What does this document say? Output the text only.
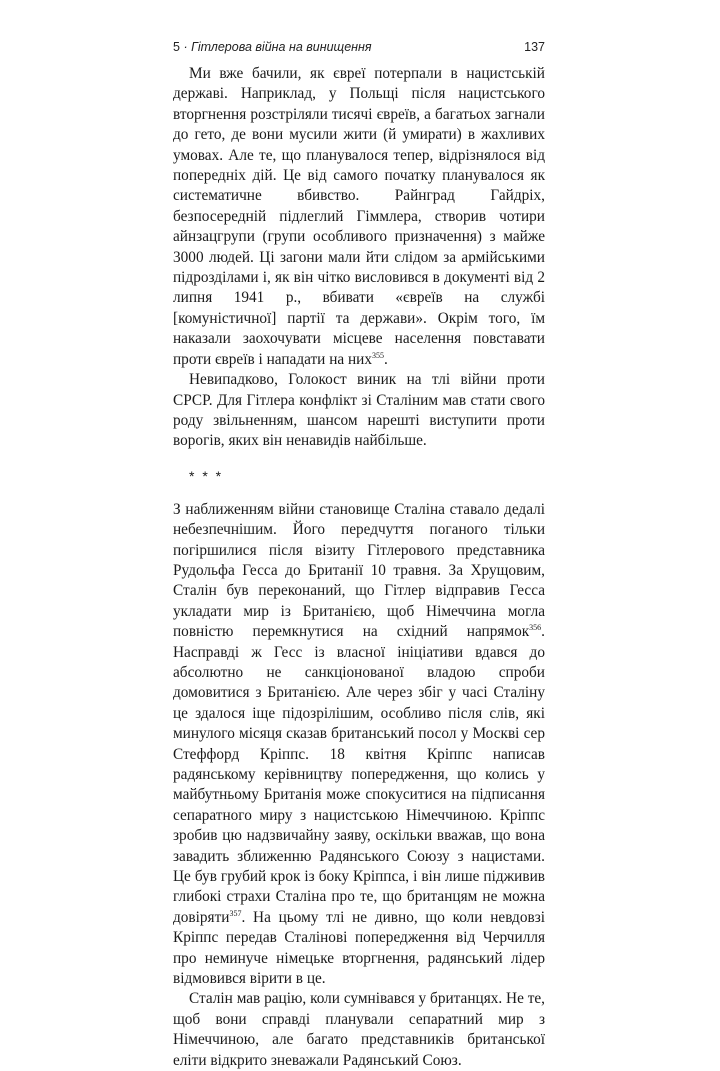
5 · Гітлерова війна на винищення	137

Ми вже бачили, як євреї потерпали в нацистській державі. Наприклад, у Польщі після нацистського вторгнення розстріляли тисячі євреїв, а багатьох загнали до гето, де вони мусили жити (й умирати) в жахливих умовах. Але те, що планувалося тепер, відрізнялося від попередніх дій. Це від самого початку планувалося як систематичне вбивство. Райнград Гайдріх, безпосередній підлеглий Гіммлера, створив чотири айнзацгрупи (групи особливого призначення) з майже 3000 людей. Ці загони мали йти слідом за армійськими підрозділами і, як він чітко висловився в документі від 2 липня 1941 р., вбивати «євреїв на службі [комуністичної] партії та держави». Окрім того, їм наказали заохочувати місцеве населення повставати проти євреїв і нападати на них$^{355}$.

Невипадково, Голокост виник на тлі війни проти СРСР. Для Гітлера конфлікт зі Сталіним мав стати свого роду звільненням, шансом нарешті виступити проти ворогів, яких він ненавидів найбільше.

* * *

З наближенням війни становище Сталіна ставало дедалі небезпечнішим. Його передчуття поганого тільки погіршилися після візиту Гітлерового представника Рудольфа Гесса до Британії 10 травня. За Хрущовим, Сталін був переконаний, що Гітлер відправив Гесса укладати мир із Британією, щоб Німеччина могла повністю перемкнутися на східний напрямок$^{356}$. Насправді ж Гесс із власної ініціативи вдався до абсолютно не санкціонованої владою спроби домовитися з Британією. Але через збіг у часі Сталіну це здалося іще підозрілішим, особливо після слів, які минулого місяця сказав британський посол у Москві сер Стеффорд Кріппс. 18 квітня Кріппс написав радянському керівництву попередження, що колись у майбутньому Британія може спокуситися на підписання сепаратного миру з нацистською Німеччиною. Кріппс зробив цю надзвичайну заяву, оскільки вважав, що вона завадить зближенню Радянського Союзу з нацистами. Це був грубий крок із боку Кріппса, і він лише підживив глибокі страхи Сталіна про те, що британцям не можна довіряти$^{357}$. На цьому тлі не дивно, що коли невдовзі Кріппс передав Сталінові попередження від Черчилля про неминуче німецьке вторгнення, радянський лідер відмовився вірити в це.

Сталін мав рацію, коли сумнівався у британцях. Не те, щоб вони справді планували сепаратний мир з Німеччиною, але багато представників британської еліти відкрито зневажали Радянський Союз.
